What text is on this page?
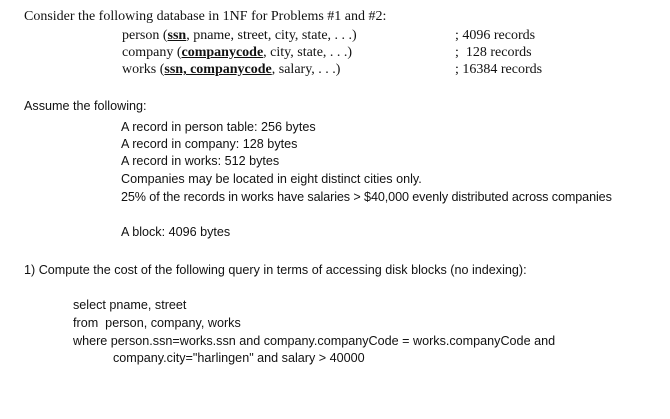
Consider the following database in 1NF for Problems #1 and #2:
person (ssn, pname, street, city, state, . . .)	; 4096 records
company (companycode, city, state, . . .)	;  128 records
works (ssn, companycode, salary, . . .)	; 16384 records
Assume the following:
A record in person table: 256 bytes
A record in company: 128 bytes
A record in works: 512 bytes
Companies may be located in eight distinct cities only.
25% of the records in works have salaries > $40,000 evenly distributed across companies
A block: 4096 bytes
1) Compute the cost of the following query in terms of accessing disk blocks (no indexing):
select pname, street
from  person, company, works
where person.ssn=works.ssn and company.companyCode = works.companyCode and
company.city="harlingen" and salary > 40000
